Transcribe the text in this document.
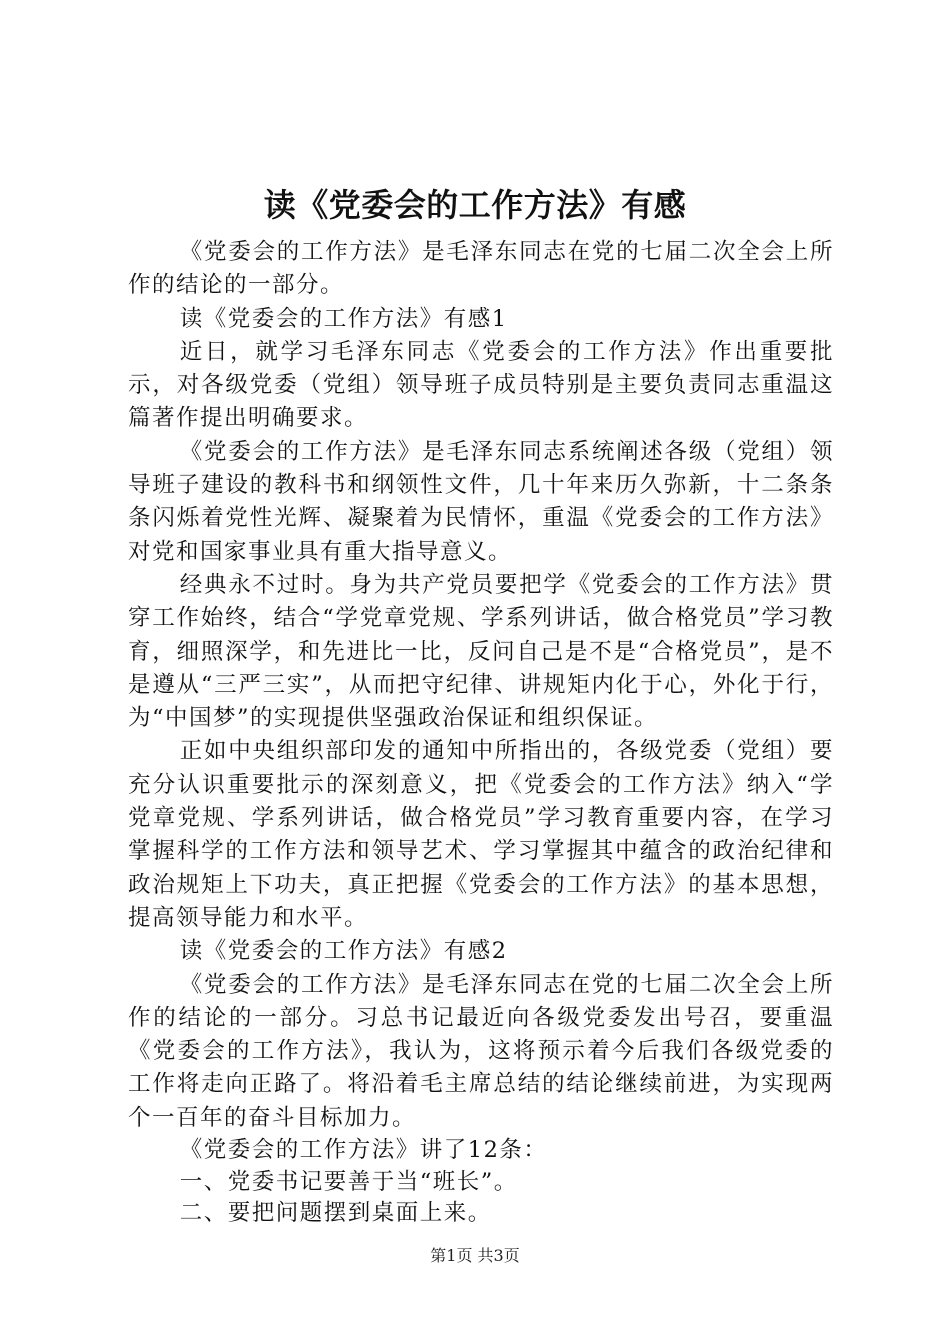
读《党委会的工作方法》有感

《党委会的工作方法》是毛泽东同志在党的七届二次全会上所作的结论的一部分。

读《党委会的工作方法》有感1

近日，就学习毛泽东同志《党委会的工作方法》作出重要批示，对各级党委（党组）领导班子成员特别是主要负责同志重温这篇著作提出明确要求。

《党委会的工作方法》是毛泽东同志系统阐述各级（党组）领导班子建设的教科书和纲领性文件，几十年来历久弥新，十二条条条闪烁着党性光辉、凝聚着为民情怀，重温《党委会的工作方法》对党和国家事业具有重大指导意义。

经典永不过时。身为共产党员要把学《党委会的工作方法》贯穿工作始终，结合“学党章党规、学系列讲话，做合格党员”学习教育，细照深学，和先进比一比，反问自己是不是“合格党员”，是不是遵从“三严三实”，从而把守纪律、讲规矩内化于心，外化于行，为“中国梦”的实现提供坚强政治保证和组织保证。

正如中央组织部印发的通知中所指出的，各级党委（党组）要充分认识重要批示的深刻意义，把《党委会的工作方法》纳入“学党章党规、学系列讲话，做合格党员”学习教育重要内容，在学习掌握科学的工作方法和领导艺术、学习掌握其中蕴含的政治纪律和政治规矩上下功夫，真正把握《党委会的工作方法》的基本思想，提高领导能力和水平。

读《党委会的工作方法》有感2

《党委会的工作方法》是毛泽东同志在党的七届二次全会上所作的结论的一部分。习总书记最近向各级党委发出号召，要重温《党委会的工作方法》，我认为，这将预示着今后我们各级党委的工作将走向正路了。将沿着毛主席总结的结论继续前进，为实现两个一百年的奋斗目标加力。

《党委会的工作方法》讲了12条：

一、党委书记要善于当“班长”。

二、要把问题摆到桌面上来。

第1页 共3页
